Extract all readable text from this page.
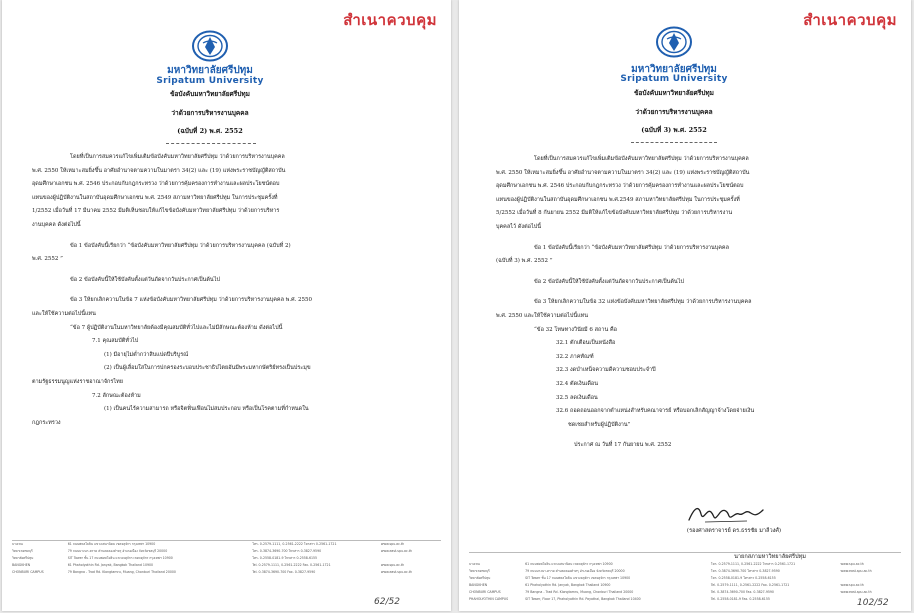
สำเนาควบคุม
มหาวิทยาลัยศรีปทุม
Sripatum University
ข้อบังคับมหาวิทยาลัยศรีปทุม
ว่าด้วยการบริหารงานบุคคล
(ฉบับที่ 2) พ.ศ. 2552

โดยที่เป็นการสมควรแก้ไขเพิ่มเติมข้อบังคับมหาวิทยาลัยศรีปทุม ว่าด้วยการบริหารงานบุคคล

พ.ศ. 2550 ให้เหมาะสมยิ่งขึ้น อาศัยอำนาจตามความในมาตรา 34(2) และ (19) แห่งพระราชบัญญัติสถาบัน

อุดมศึกษาเอกชน พ.ศ. 2546 ประกอบกับกฎกระทรวง ว่าด้วยการคุ้มครองการทำงานและผลประโยชน์ตอบ

แทนของผู้ปฏิบัติงานในสถาบันอุดมศึกษาเอกชน พ.ศ. 2549 สภามหาวิทยาลัยศรีปทุม ในการประชุมครั้งที่

1/2552 เมื่อวันที่ 17 มีนาคม 2552 มีมติเห็นชอบให้แก้ไขข้อบังคับมหาวิทยาลัยศรีปทุม ว่าด้วยการบริหาร

งานบุคคล ดังต่อไปนี้

ข้อ 1 ข้อบังคับนี้เรียกว่า “ข้อบังคับมหาวิทยาลัยศรีปทุม ว่าด้วยการบริหารงานบุคคล (ฉบับที่ 2)

พ.ศ. 2552 ”

ข้อ 2 ข้อบังคับนี้ให้ใช้บังคับตั้งแต่วันถัดจากวันประกาศเป็นต้นไป

ข้อ 3 ให้ยกเลิกความในข้อ 7 แห่งข้อบังคับมหาวิทยาลัยศรีปทุม ว่าด้วยการบริหารงานบุคคล พ.ศ. 2550

และให้ใช้ความต่อไปนี้แทน

“ข้อ 7 ผู้ปฏิบัติงานในมหาวิทยาลัยต้องมีคุณสมบัติทั่วไปและไม่มีลักษณะต้องห้าม ดังต่อไปนี้

7.1 คุณสมบัติทั่วไป

(1) มีอายุไม่ต่ำกว่าสิบแปดปีบริบูรณ์

(2) เป็นผู้เลื่อมใสในการปกครองระบอบประชาธิปไตยอันมีพระมหากษัตริย์ทรงเป็นประมุข

ตามรัฐธรรมนูญแห่งราชอาณาจักรไทย

7.2 ลักษณะต้องห้าม

(1) เป็นคนไร้ความสามารถ หรือจิตฟั่นเฟือนไม่สมประกอบ หรือเป็นโรคตามที่กำหนดใน

กฎกระทรวง

บางเขน	61 ถนนพหลโยธิน แขวงเสนานิคม เขตจตุจักร กรุงเทพฯ 10900	โทร. 0-2579-1111, 0-2561-2222 โทรสาร 0-2561-1721	www.spu.ac.th
วิทยาเขตชลบุรี	79 ถนนบางนา-ตราด ตำบลคลองตำหรุ อำเภอเมือง จังหวัดชลบุรี 20000	โทร. 0-3874-3690-700 โทรสาร 0-3827-9590	www.east.spu.ac.th
วิทยาลัยศรีปทุม	SIT Tower ชั้น 17 ถนนพหลโยธิน แขวงจตุจักร เขตจตุจักร กรุงเทพฯ 10900	โทร. 0-2558-0181-9 โทรสาร 0-2558-6155
BANGKHEN	61 Phaholyothin Rd. Janyak, Bangkok Thailand 10900	Tel. 0-2579-1111, 0-2561-2222 Fax. 0-2561-1721	www.spu.ac.th
CHONBURI CAMPUS	79 Bangna - Trad Rd. Klongtamru, Muang, Chonburi Thailand 20000	Tel. 0-3874-3690-700 Fax. 0-3827-9590	www.east.spu.ac.th
62/52
สำเนาควบคุม
มหาวิทยาลัยศรีปทุม
Sripatum University
ข้อบังคับมหาวิทยาลัยศรีปทุม
ว่าด้วยการบริหารงานบุคคล
(ฉบับที่ 3) พ.ศ. 2552

โดยที่เป็นการสมควรแก้ไขเพิ่มเติมข้อบังคับมหาวิทยาลัยศรีปทุม ว่าด้วยการบริหารงานบุคคล

พ.ศ. 2550 ให้เหมาะสมยิ่งขึ้น อาศัยอำนาจตามความในมาตรา 34(2) และ (19) แห่งพระราชบัญญัติสถาบัน

อุดมศึกษาเอกชน พ.ศ. 2546 ประกอบกับกฎกระทรวง ว่าด้วยการคุ้มครองการทำงานและผลประโยชน์ตอบ

แทนของผู้ปฏิบัติงานในสถาบันอุดมศึกษาเอกชน พ.ศ.2549 สภามหาวิทยาลัยศรีปทุม ในการประชุมครั้งที่

5/2552 เมื่อวันที่ 8 กันยายน 2552 มีมติให้แก้ไขข้อบังคับมหาวิทยาลัยศรีปทุม ว่าด้วยการบริหารงาน

บุคคลไว้ ดังต่อไปนี้

ข้อ 1 ข้อบังคับนี้เรียกว่า “ข้อบังคับมหาวิทยาลัยศรีปทุม ว่าด้วยการบริหารงานบุคคล

(ฉบับที่ 3) พ.ศ. 2552 ”

ข้อ 2 ข้อบังคับนี้ให้ใช้บังคับตั้งแต่วันถัดจากวันประกาศเป็นต้นไป

ข้อ 3 ให้ยกเลิกความในข้อ 32 แห่งข้อบังคับมหาวิทยาลัยศรีปทุม ว่าด้วยการบริหารงานบุคคล

พ.ศ. 2550 และให้ใช้ความต่อไปนี้แทน

“ข้อ 32 โทษทางวินัยมี 6 สถาน คือ

32.1 ตักเตือนเป็นหนังสือ

32.2 ภาคทัณฑ์

32.3 งดบำเหน็จความดีความชอบประจำปี

32.4 ตัดเงินเดือน

32.5 ลดเงินเดือน

32.6 ถอดถอนออกจากตำแหน่งสำหรับคณาจารย์ หรือบอกเลิกสัญญาจ้างโดยจ่ายเงิน

ชดเชยสำหรับผู้ปฏิบัติงาน”

ประกาศ ณ วันที่ 17 กันยายน พ.ศ. 2552

(รองศาสตราจารย์ ดร.ธรรชัย มาลีวงศ์)
นายกสภามหาวิทยาลัยศรีปทุม
บางเขน	61 ถนนพหลโยธิน แขวงเสนานิคม เขตจตุจักร กรุงเทพฯ 10900	โทร. 0-2579-1111, 0-2561-2222 โทรสาร 0-2561-1721	www.spu.ac.th
วิทยาเขตชลบุรี	79 ถนนบางนา-ตราด ตำบลคลองตำหรุ อำเภอเมือง จังหวัดชลบุรี 20000	โทร. 0-3874-3690-700 โทรสาร 0-3827-9590	www.east.spu.ac.th
วิทยาลัยศรีปทุม	SIT Tower ชั้น 17 ถนนพหลโยธิน แขวงจตุจักร เขตจตุจักร กรุงเทพฯ 10900	โทร. 0-2558-0181-9 โทรสาร 0-2558-6155
BANGKHEN	61 Phaholyothin Rd. Janyak, Bangkok Thailand 10900	Tel. 0-2579-1111, 0-2561-2222 Fax. 0-2561-1721	www.spu.ac.th
CHONBURI CAMPUS	79 Bangna - Trad Rd. Klongtamru, Muang, Chonburi Thailand 20000	Tel. 0-3874-3690-700 Fax. 0-3827-9590	www.east.spu.ac.th
PHAHOLYOTHIN CAMPUS	SIT Tower, Floor 17, Phaholyothin Rd. Payathai, Bangkok Thailand 10400	Tel. 0-2558-0181-9 Fax. 0-2558-6155	102/52
